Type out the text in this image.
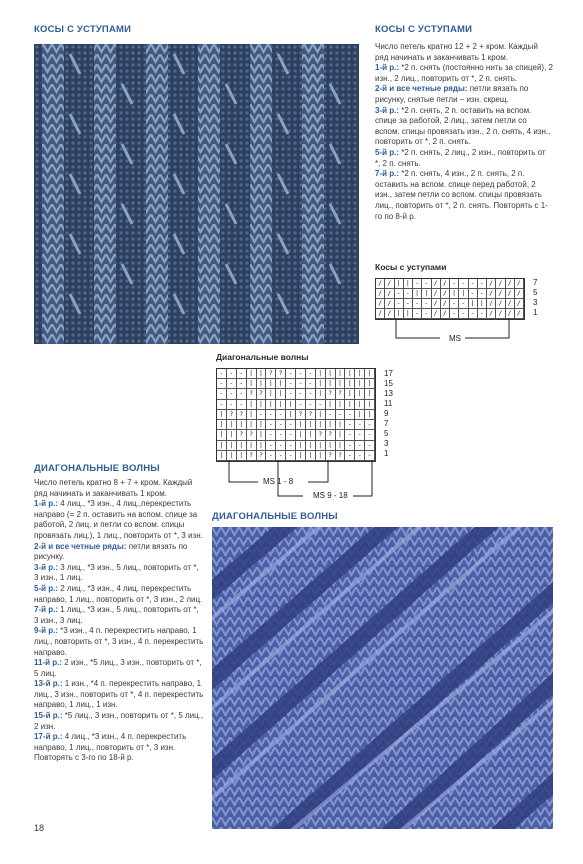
КОСЫ С УСТУПАМИ	КОСЫ С УСТУПАМИ

Число петель кратно 12 + 2 + кром. Каждый ряд начинать и заканчивать 1 кром.

1-й р.: *2 п. снять (постоянно нить за спицей), 2 изн., 2 лиц., повторить от *, 2 п. снять.

2-й и все четные ряды: петли вязать по рисунку, снятые петли – изн. скрещ.

3-й р.: *2 п. снять, 2 п. оставить на вспом. спице за работой, 2 лиц., затем петли со вспом. спицы провязать изн., 2 п. снять, 4 изн., повторить от *, 2 п. снять.

5-й р.: *2 п. снять, 2 лиц., 2 изн., повторить от *, 2 п. снять.

7-й р.: *2 п. снять, 4 изн., 2 п. снять, 2 п. оставить на вспом. спице перед работой, 2 изн., затем петли со вспом. спицы провязать лиц., повторить от *, 2 п. снять. Повторять с 1-го по 8-й р.

Косы с уступами
/ / | | - - / / - - - - / / / /
/ / - - | | / / | | - - / / / /
/ / - - - - / / - - | | / / / /
/ / | | - - / / - - - - / / / /
7
5
3
1
MS
Диагональные волны
- - - | | ? ? - - - | | | | | |
- - - | | | | - - - | | | | | |
- - - ? ? | | - - - | ? ? | | |
- - - | | | | | - - - | | | | |
| ? ? | - - - | ? ? | - - - | |
| | | | | - - - | | | | | - - -
| | ? ? | - - - | | ? ? | - - -
| | | | | - - - | | | | | - - -
| | | ? ? - - - | | | ? ? - - -
17
15
13
11
9
7
5
3
1
MS 1 - 8
MS 9 - 18
ДИАГОНАЛЬНЫЕ ВОЛНЫ

Число петель кратно 8 + 7 + кром. Каждый ряд начинать и заканчивать 1 кром.

1-й р.: 4 лиц., *3 изн., 4 лиц.,перекрестить направо (= 2 п. оставить на вспом. спице за работой, 2 лиц. и петли со вспом. спицы провязать лиц.), 1 лиц., повторить от *, 3 изн.

2-й и все четные ряды: петли вязать по рисунку.

3-й р.: 3 лиц., *3 изн., 5 лиц., повторить от *, 3 изн., 1 лиц.

5-й р.: 2 лиц., *3 изн., 4 лиц. перекрестить направо, 1 лиц., повторить от *, 3 изн., 2 лиц.

7-й р.: 1 лиц., *3 изн., 5 лиц., повторить от *, 3 изн., 3 лиц.

9-й р.: *3 изн., 4 п. перекрестить направо, 1 лиц., повторить от *, 3 изн., 4 п. перекрестить направо.

11-й р.: 2 изн., *5 лиц., 3 изн., повторить от *, 5 лиц.

13-й р.: 1 изн., *4 п. перекрестить направо, 1 лиц., 3 изн., повторить от *, 4 п. перекрестить направо, 1 лиц., 1 изн.

15-й р.: *5 лиц., 3 изн., повторить от *, 5 лиц., 2 изн.

17-й р.: 4 лиц., *3 изн., 4 п. перекрестить направо, 1 лиц., повторить от *, 3 изн. Повторять с 3-го по 18-й р.

ДИАГОНАЛЬНЫЕ ВОЛНЫ
18
